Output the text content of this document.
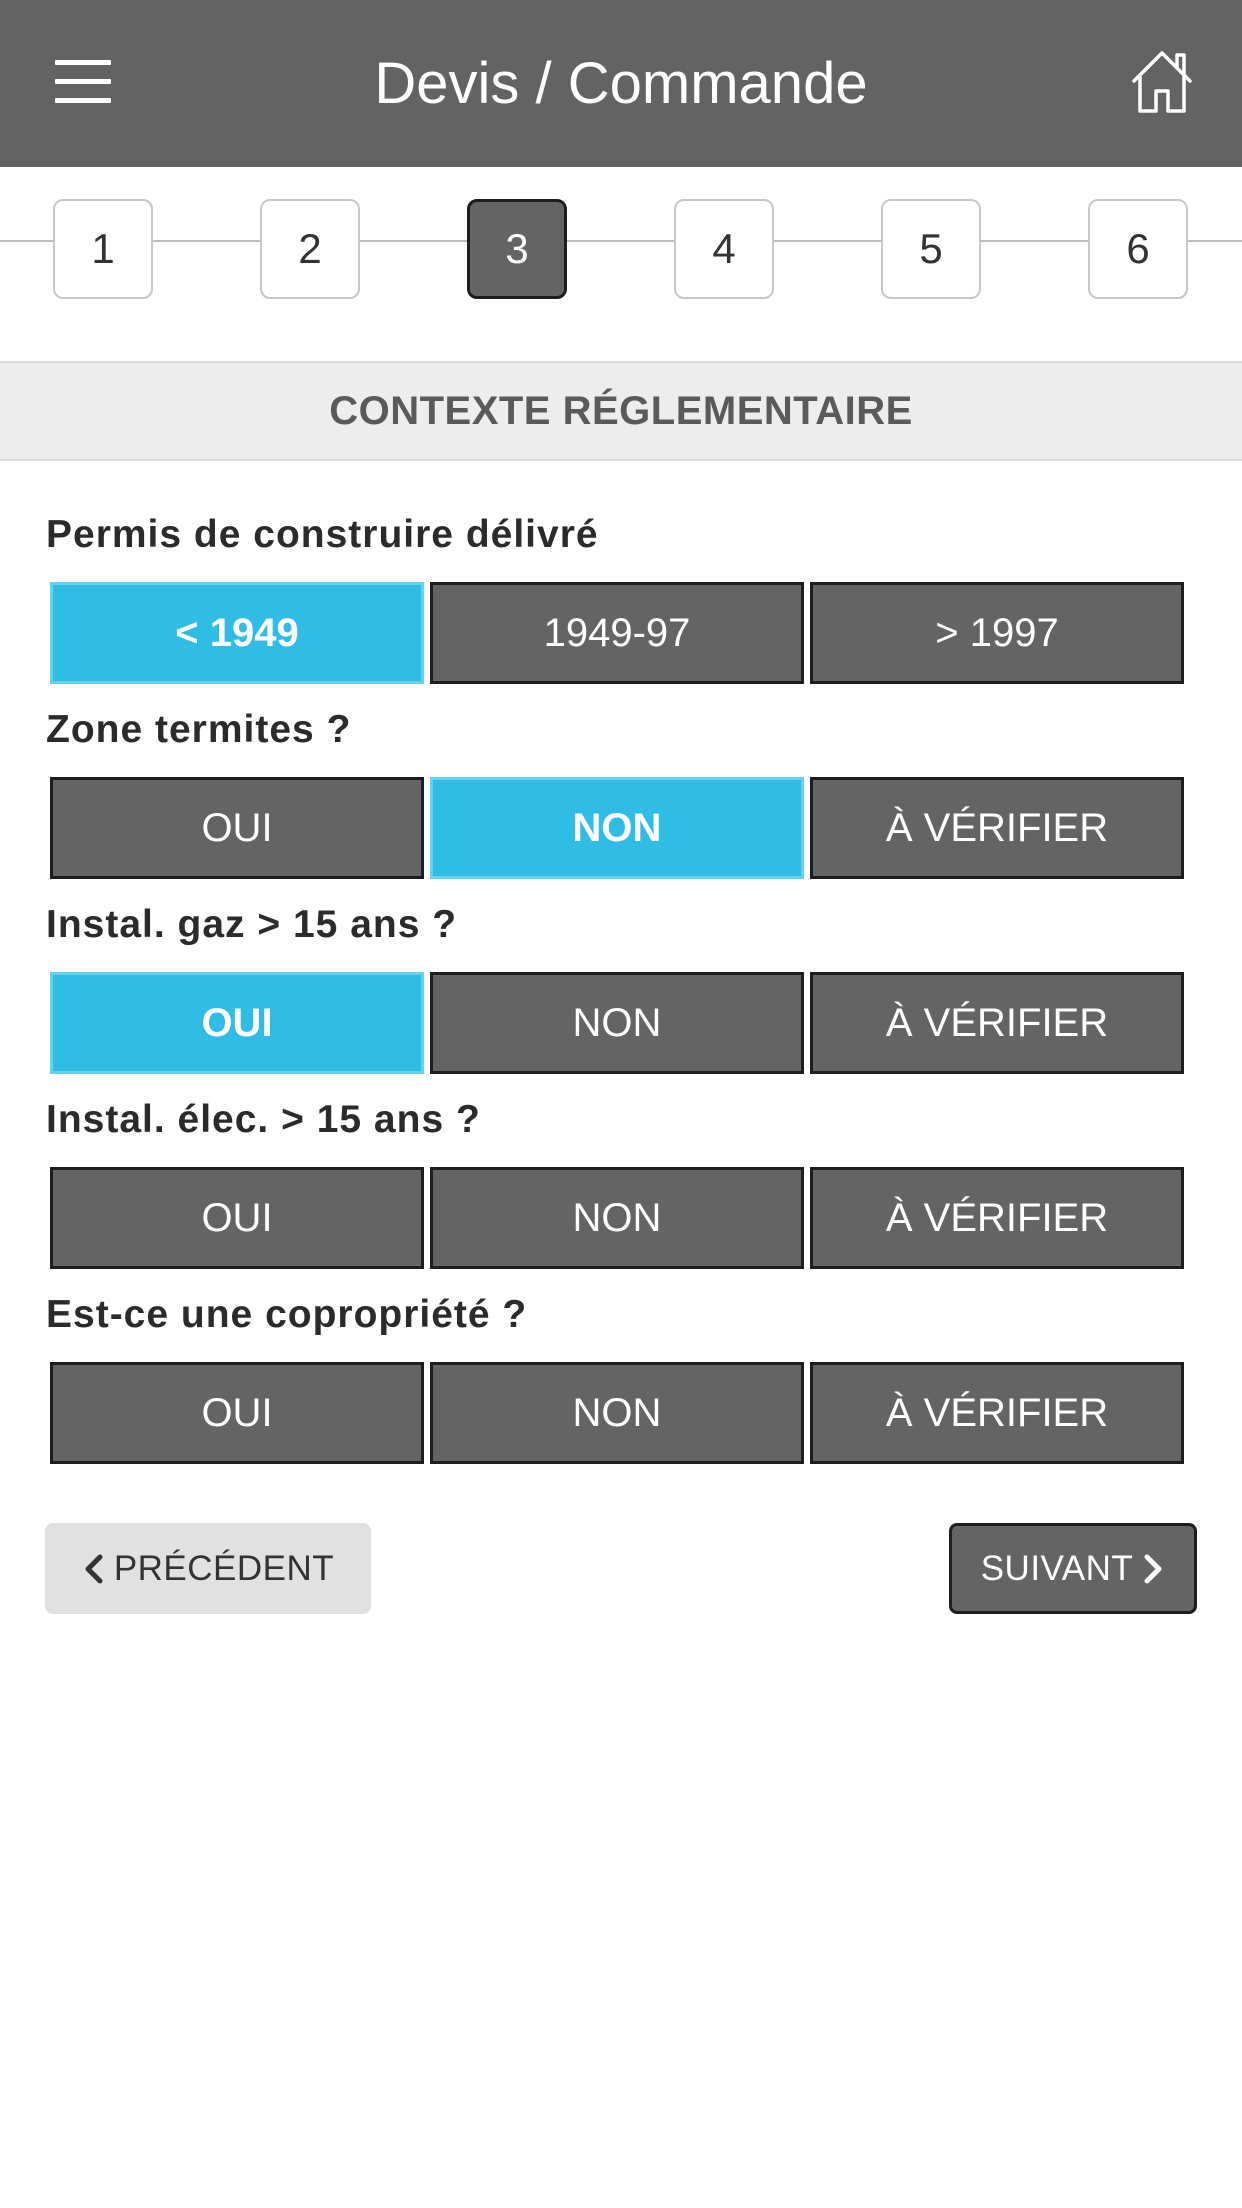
Devis / Commande
1	2	3	4	5	6
CONTEXTE RÉGLEMENTAIRE
Permis de construire délivré
< 1949	1949-97	> 1997
Zone termites ?
OUI	NON	À VÉRIFIER
Instal. gaz > 15 ans ?
OUI	NON	À VÉRIFIER
Instal. élec. > 15 ans ?
OUI	NON	À VÉRIFIER
Est-ce une copropriété ?
OUI	NON	À VÉRIFIER
PRÉCÉDENT	SUIVANT
